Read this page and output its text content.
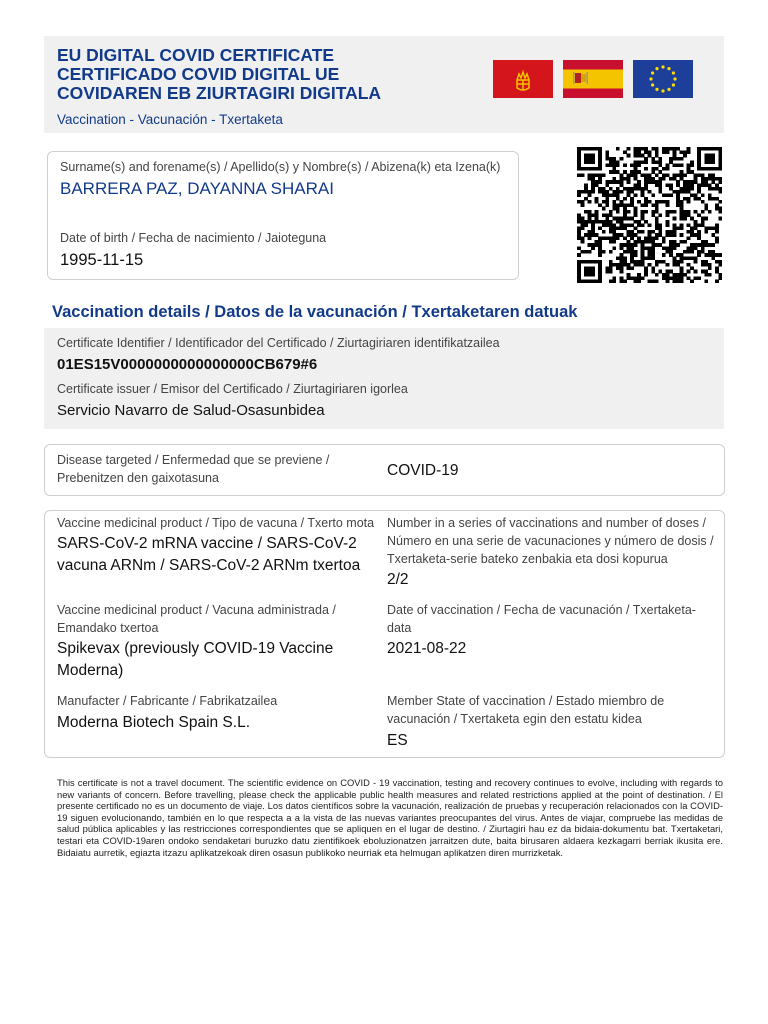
EU DIGITAL COVID CERTIFICATE
CERTIFICADO COVID DIGITAL UE
COVIDAREN EB ZIURTAGIRI DIGITALA
Vaccination - Vacunación - Txertaketa
Surname(s) and forename(s) / Apellido(s) y Nombre(s) / Abizena(k) eta Izena(k)
BARRERA PAZ, DAYANNA SHARAI
Date of birth / Fecha de nacimiento / Jaioteguna
1995-11-15
Vaccination details / Datos de la vacunación / Txertaketaren datuak
Certificate Identifier / Identificador del Certificado / Ziurtagiriaren identifikatzailea
01ES15V0000000000000000CB679#6
Certificate issuer / Emisor del Certificado / Ziurtagiriaren igorlea
Servicio Navarro de Salud-Osasunbidea
Disease targeted / Enfermedad que se previene /
Prebenitzen den gaixotasuna	COVID-19
Vaccine medicinal product / Tipo de vacuna / Txerto mota
SARS-CoV-2 mRNA vaccine / SARS-CoV-2
vacuna ARNm / SARS-CoV-2 ARNm txertoa
Vaccine medicinal product / Vacuna administrada /
Emandako txertoa
Spikevax (previously COVID-19 Vaccine
Moderna)
Manufacter / Fabricante / Fabrikatzailea
Moderna Biotech Spain S.L.
Number in a series of vaccinations and number of doses /
Número en una serie de vacunaciones y número de dosis /
Txertaketa-serie bateko zenbakia eta dosi kopurua
2/2
Date of vaccination / Fecha de vacunación / Txertaketa-
data
2021-08-22
Member State of vaccination / Estado miembro de
vacunación / Txertaketa egin den estatu kidea
ES
This certificate is not a travel document. The scientific evidence on COVID - 19 vaccination, testing and recovery continues to evolve, including with regards to new variants of concern. Before travelling, please check the applicable public health measures and related restrictions applied at the point of destination. / El presente certificado no es un documento de viaje. Los datos científicos sobre la vacunación, realización de pruebas y recuperación relacionados con la COVID-19 siguen evolucionando, también en lo que respecta a a la vista de las nuevas variantes preocupantes del virus. Antes de viajar, compruebe las medidas de salud pública aplicables y las restricciones correspondientes que se apliquen en el lugar de destino. / Ziurtagiri hau ez da bidaia-dokumentu bat. Txertaketari, testari eta COVID-19aren ondoko sendaketari buruzko datu zientifikoek eboluzionatzen jarraitzen dute, baita birusaren aldaera kezkagarri berriak ikusita ere. Bidaiatu aurretik, egiazta itzazu aplikatzekoak diren osasun publikoko neurriak eta helmugan aplikatzen diren murrizketak.
